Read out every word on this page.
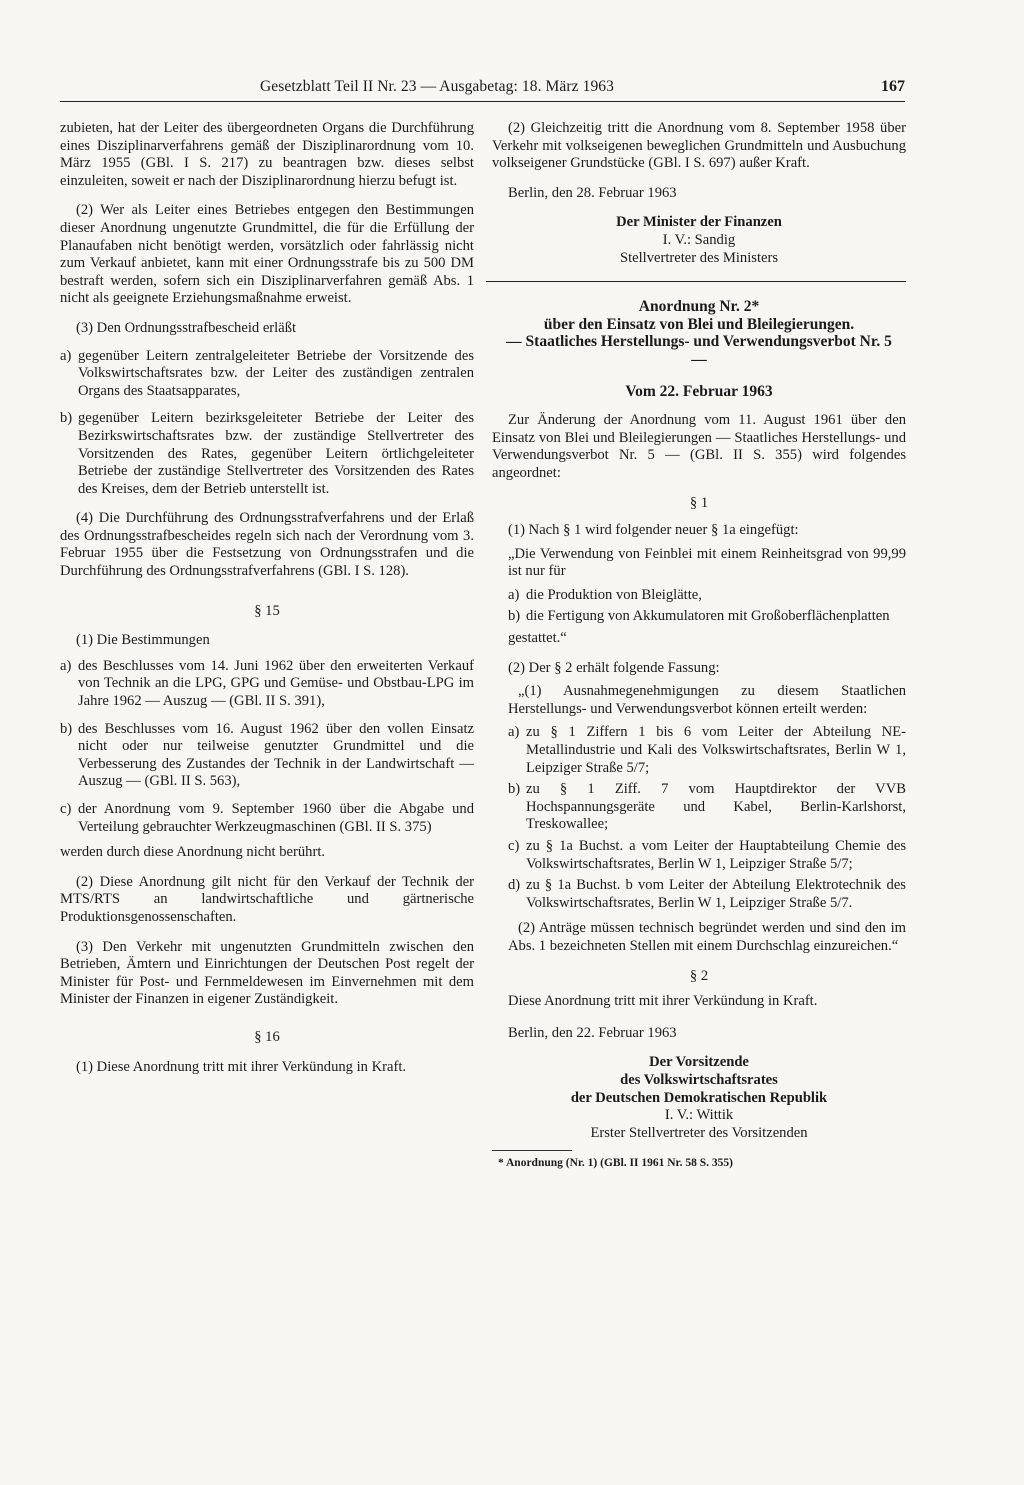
Gesetzblatt Teil II Nr. 23 — Ausgabetag: 18. März 1963	167

zubieten, hat der Leiter des übergeordneten Organs die Durchführung eines Disziplinarverfahrens gemäß der Disziplinarordnung vom 10. März 1955 (GBl. I S. 217) zu beantragen bzw. dieses selbst einzuleiten, soweit er nach der Disziplinarordnung hierzu befugt ist.

(2) Wer als Leiter eines Betriebes entgegen den Bestimmungen dieser Anordnung ungenutzte Grundmittel, die für die Erfüllung der Planaufaben nicht benötigt werden, vorsätzlich oder fahrlässig nicht zum Verkauf anbietet, kann mit einer Ordnungsstrafe bis zu 500 DM bestraft werden, sofern sich ein Disziplinarverfahren gemäß Abs. 1 nicht als geeignete Erziehungsmaßnahme erweist.

(3) Den Ordnungsstrafbescheid erläßt

a) gegenüber Leitern zentralgeleiteter Betriebe der Vorsitzende des Volkswirtschaftsrates bzw. der Leiter des zuständigen zentralen Organs des Staatsapparates,
b) gegenüber Leitern bezirksgeleiteter Betriebe der Leiter des Bezirkswirtschaftsrates bzw. der zuständige Stellvertreter des Vorsitzenden des Rates, gegenüber Leitern örtlichgeleiteter Betriebe der zuständige Stellvertreter des Vorsitzenden des Rates des Kreises, dem der Betrieb unterstellt ist.

(4) Die Durchführung des Ordnungsstrafverfahrens und der Erlaß des Ordnungsstrafbescheides regeln sich nach der Verordnung vom 3. Februar 1955 über die Festsetzung von Ordnungsstrafen und die Durchführung des Ordnungsstrafverfahrens (GBl. I S. 128).

§ 15

(1) Die Bestimmungen

a) des Beschlusses vom 14. Juni 1962 über den erweiterten Verkauf von Technik an die LPG, GPG und Gemüse- und Obstbau-LPG im Jahre 1962 — Auszug — (GBl. II S. 391),
b) des Beschlusses vom 16. August 1962 über den vollen Einsatz nicht oder nur teilweise genutzter Grundmittel und die Verbesserung des Zustandes der Technik in der Landwirtschaft — Auszug — (GBl. II S. 563),
c) der Anordnung vom 9. September 1960 über die Abgabe und Verteilung gebrauchter Werkzeugmaschinen (GBl. II S. 375)

werden durch diese Anordnung nicht berührt.

(2) Diese Anordnung gilt nicht für den Verkauf der Technik der MTS/RTS an landwirtschaftliche und gärtnerische Produktionsgenossenschaften.

(3) Den Verkehr mit ungenutzten Grundmitteln zwischen den Betrieben, Ämtern und Einrichtungen der Deutschen Post regelt der Minister für Post- und Fernmeldewesen im Einvernehmen mit dem Minister der Finanzen in eigener Zuständigkeit.

§ 16

(1) Diese Anordnung tritt mit ihrer Verkündung in Kraft.

(2) Gleichzeitig tritt die Anordnung vom 8. September 1958 über Verkehr mit volkseigenen beweglichen Grundmitteln und Ausbuchung volkseigener Grundstücke (GBl. I S. 697) außer Kraft.

Berlin, den 28. Februar 1963

Der Minister der Finanzen

I. V.: Sandig

Stellvertreter des Ministers

Anordnung Nr. 2*

über den Einsatz von Blei und Bleilegierungen.

— Staatliches Herstellungs- und Verwendungsverbot Nr. 5 —

Vom 22. Februar 1963

Zur Änderung der Anordnung vom 11. August 1961 über den Einsatz von Blei und Bleilegierungen — Staatliches Herstellungs- und Verwendungsverbot Nr. 5 — (GBl. II S. 355) wird folgendes angeordnet:

§ 1

(1) Nach § 1 wird folgender neuer § 1a eingefügt:

„Die Verwendung von Feinblei mit einem Reinheitsgrad von 99,99 ist nur für

a) die Produktion von Bleiglätte,
b) die Fertigung von Akkumulatoren mit Großoberflächenplatten

gestattet.“

(2) Der § 2 erhält folgende Fassung:

„(1) Ausnahmegenehmigungen zu diesem Staatlichen Herstellungs- und Verwendungsverbot können erteilt werden:

a) zu § 1 Ziffern 1 bis 6 vom Leiter der Abteilung NE-Metallindustrie und Kali des Volkswirtschaftsrates, Berlin W 1, Leipziger Straße 5/7;
b) zu § 1 Ziff. 7 vom Hauptdirektor der VVB Hochspannungsgeräte und Kabel, Berlin-Karlshorst, Treskowallee;
c) zu § 1a Buchst. a vom Leiter der Hauptabteilung Chemie des Volkswirtschaftsrates, Berlin W 1, Leipziger Straße 5/7;
d) zu § 1a Buchst. b vom Leiter der Abteilung Elektrotechnik des Volkswirtschaftsrates, Berlin W 1, Leipziger Straße 5/7.

(2) Anträge müssen technisch begründet werden und sind den im Abs. 1 bezeichneten Stellen mit einem Durchschlag einzureichen.“

§ 2

Diese Anordnung tritt mit ihrer Verkündung in Kraft.

Berlin, den 22. Februar 1963

Der Vorsitzende

des Volkswirtschaftsrates

der Deutschen Demokratischen Republik

I. V.: Wittik

Erster Stellvertreter des Vorsitzenden

* Anordnung (Nr. 1) (GBl. II 1961 Nr. 58 S. 355)
